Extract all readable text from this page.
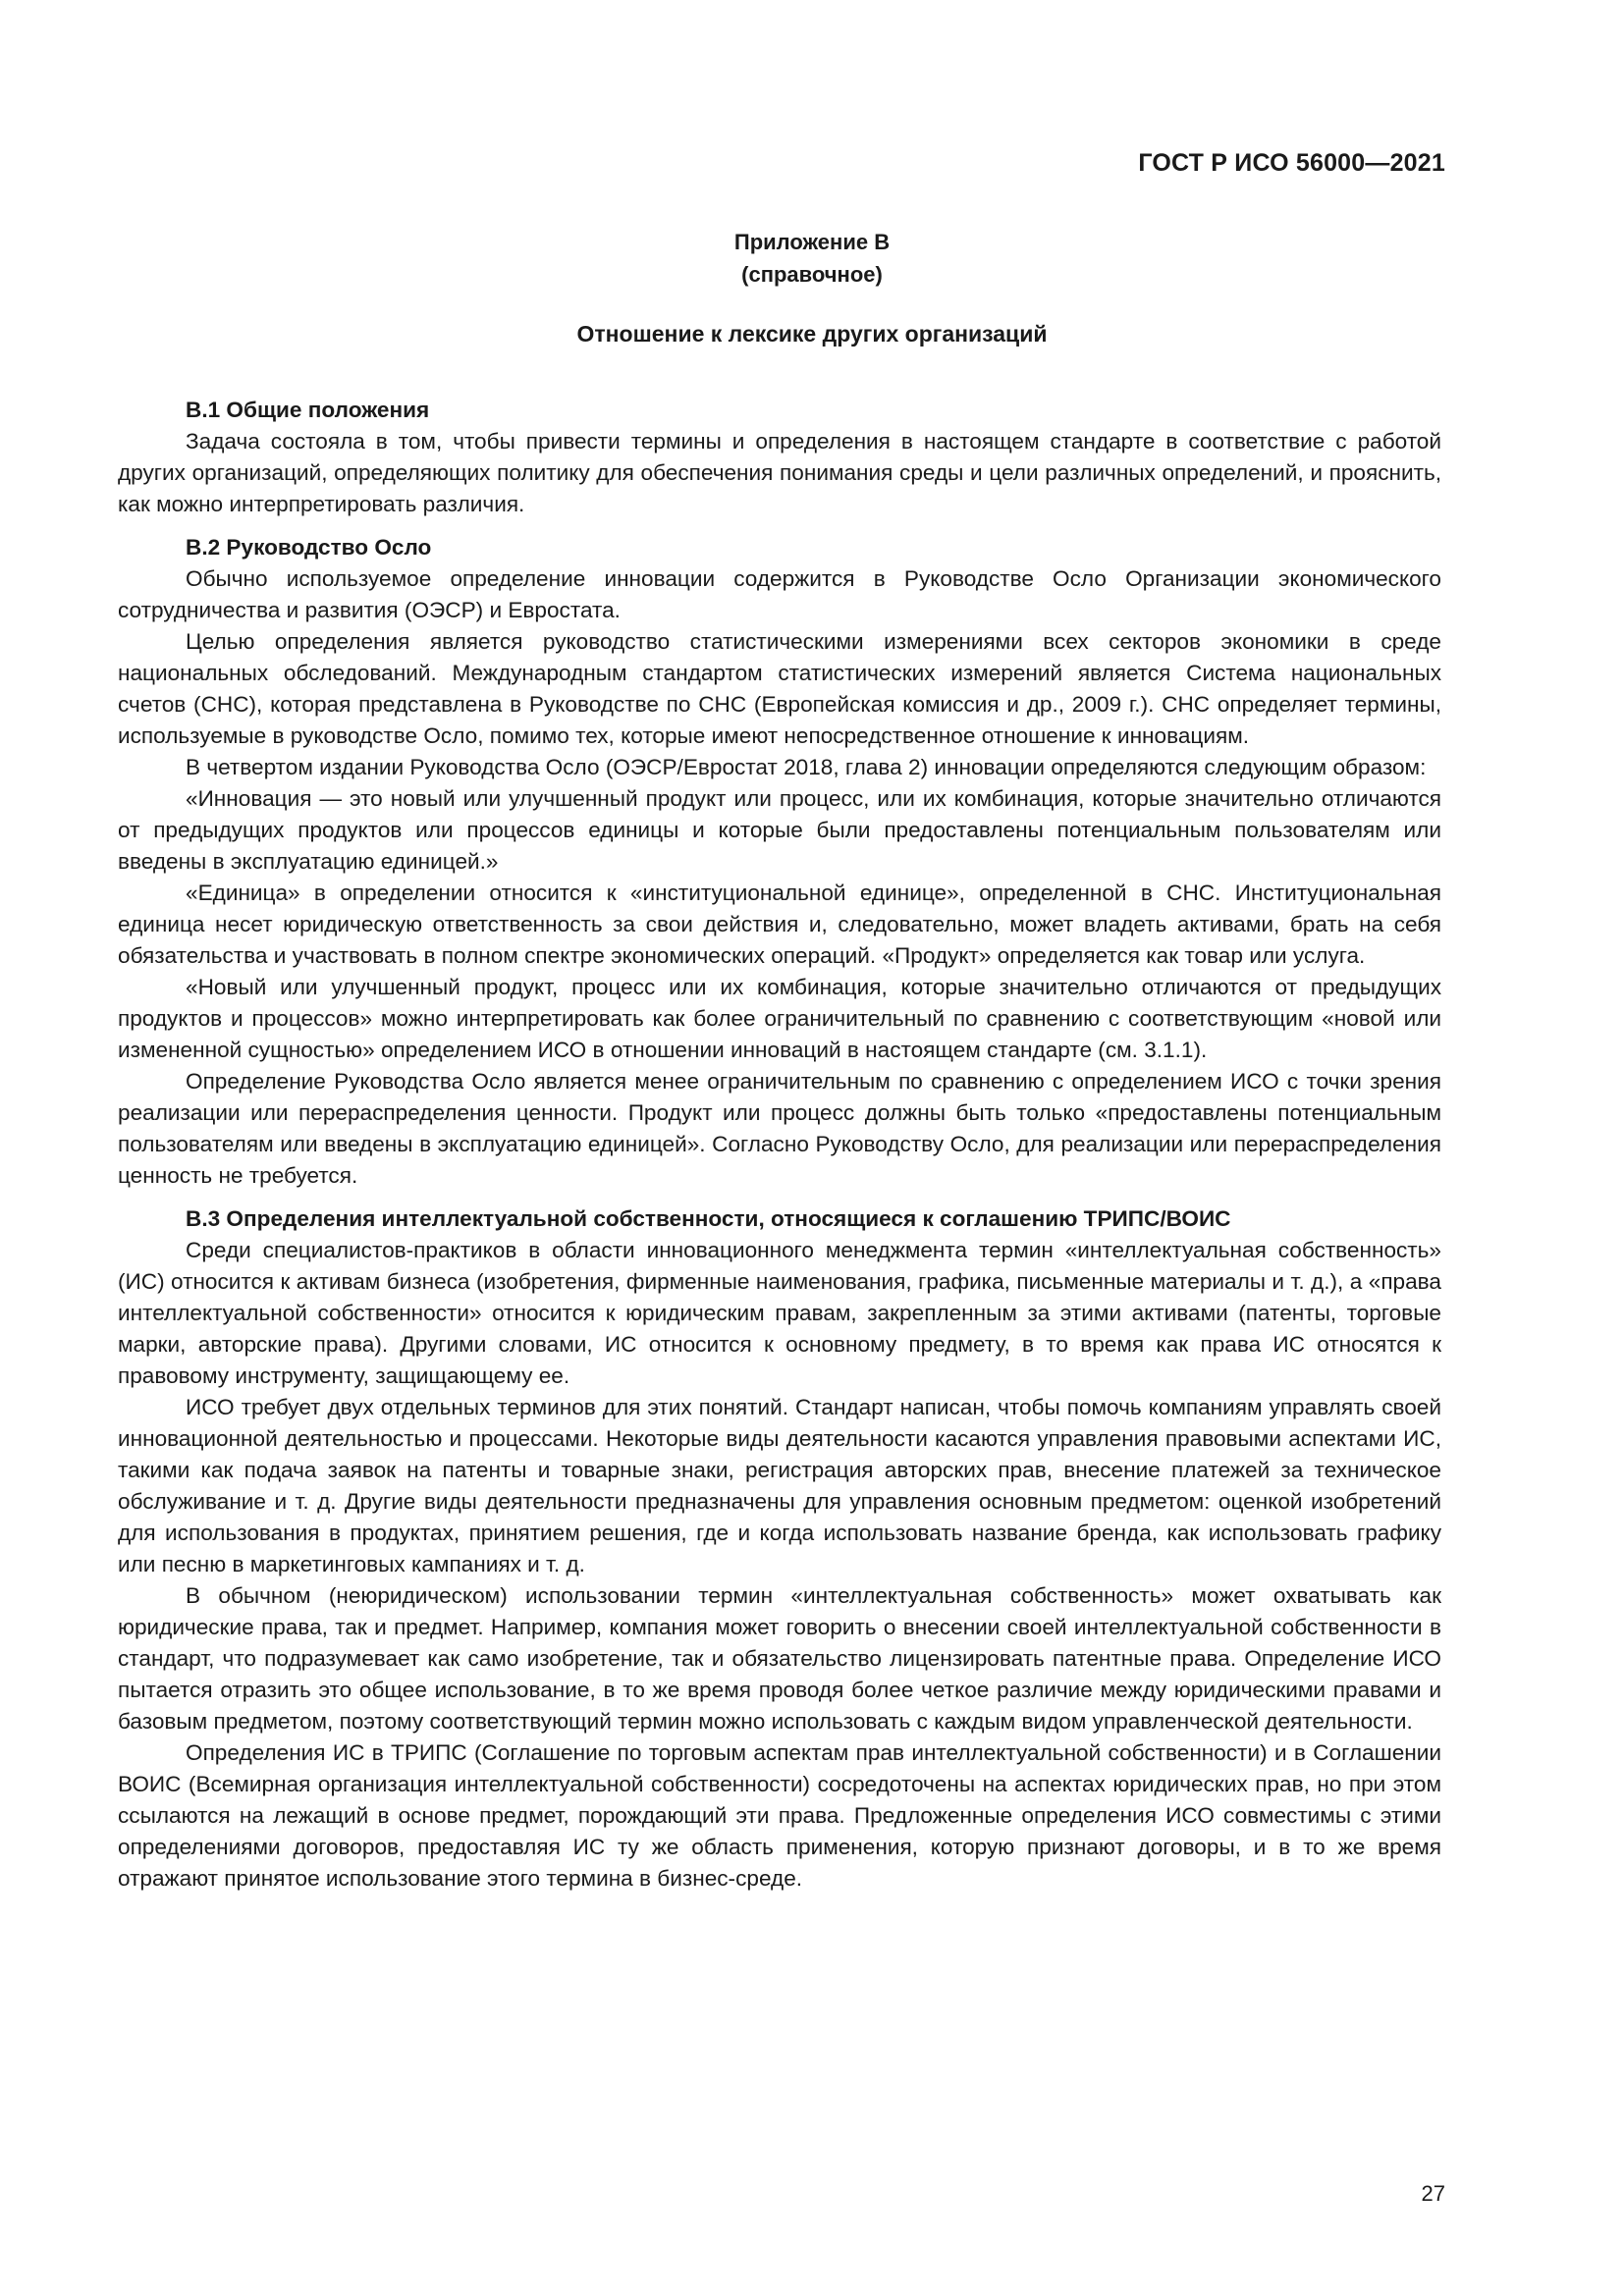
ГОСТ Р ИСО 56000—2021
Приложение В
(справочное)
Отношение к лексике других организаций

В.1 Общие положения

Задача состояла в том, чтобы привести термины и определения в настоящем стандарте в соответствие с работой других организаций, определяющих политику для обеспечения понимания среды и цели различных определений, и прояснить, как можно интерпретировать различия.

В.2 Руководство Осло

Обычно используемое определение инновации содержится в Руководстве Осло Организации экономического сотрудничества и развития (ОЭСР) и Евростата.

Целью определения является руководство статистическими измерениями всех секторов экономики в среде национальных обследований. Международным стандартом статистических измерений является Система национальных счетов (СНС), которая представлена в Руководстве по СНС (Европейская комиссия и др., 2009 г.). СНС определяет термины, используемые в руководстве Осло, помимо тех, которые имеют непосредственное отношение к инновациям.

В четвертом издании Руководства Осло (ОЭСР/Евростат 2018, глава 2) инновации определяются следующим образом:

«Инновация — это новый или улучшенный продукт или процесс, или их комбинация, которые значительно отличаются от предыдущих продуктов или процессов единицы и которые были предоставлены потенциальным пользователям или введены в эксплуатацию единицей.»

«Единица» в определении относится к «институциональной единице», определенной в СНС. Институциональная единица несет юридическую ответственность за свои действия и, следовательно, может владеть активами, брать на себя обязательства и участвовать в полном спектре экономических операций. «Продукт» определяется как товар или услуга.

«Новый или улучшенный продукт, процесс или их комбинация, которые значительно отличаются от предыдущих продуктов и процессов» можно интерпретировать как более ограничительный по сравнению с соответствующим «новой или измененной сущностью» определением ИСО в отношении инноваций в настоящем стандарте (см. 3.1.1).

Определение Руководства Осло является менее ограничительным по сравнению с определением ИСО с точки зрения реализации или перераспределения ценности. Продукт или процесс должны быть только «предоставлены потенциальным пользователям или введены в эксплуатацию единицей». Согласно Руководству Осло, для реализации или перераспределения ценность не требуется.

В.3 Определения интеллектуальной собственности, относящиеся к соглашению ТРИПС/ВОИС

Среди специалистов-практиков в области инновационного менеджмента термин «интеллектуальная собственность» (ИС) относится к активам бизнеса (изобретения, фирменные наименования, графика, письменные материалы и т. д.), а «права интеллектуальной собственности» относится к юридическим правам, закрепленным за этими активами (патенты, торговые марки, авторские права). Другими словами, ИС относится к основному предмету, в то время как права ИС относятся к правовому инструменту, защищающему ее.

ИСО требует двух отдельных терминов для этих понятий. Стандарт написан, чтобы помочь компаниям управлять своей инновационной деятельностью и процессами. Некоторые виды деятельности касаются управления правовыми аспектами ИС, такими как подача заявок на патенты и товарные знаки, регистрация авторских прав, внесение платежей за техническое обслуживание и т. д. Другие виды деятельности предназначены для управления основным предметом: оценкой изобретений для использования в продуктах, принятием решения, где и когда использовать название бренда, как использовать графику или песню в маркетинговых кампаниях и т. д.

В обычном (неюридическом) использовании термин «интеллектуальная собственность» может охватывать как юридические права, так и предмет. Например, компания может говорить о внесении своей интеллектуальной собственности в стандарт, что подразумевает как само изобретение, так и обязательство лицензировать патентные права. Определение ИСО пытается отразить это общее использование, в то же время проводя более четкое различие между юридическими правами и базовым предметом, поэтому соответствующий термин можно использовать с каждым видом управленческой деятельности.

Определения ИС в ТРИПС (Соглашение по торговым аспектам прав интеллектуальной собственности) и в Соглашении ВОИС (Всемирная организация интеллектуальной собственности) сосредоточены на аспектах юридических прав, но при этом ссылаются на лежащий в основе предмет, порождающий эти права. Предложенные определения ИСО совместимы с этими определениями договоров, предоставляя ИС ту же область применения, которую признают договоры, и в то же время отражают принятое использование этого термина в бизнес-среде.

27
